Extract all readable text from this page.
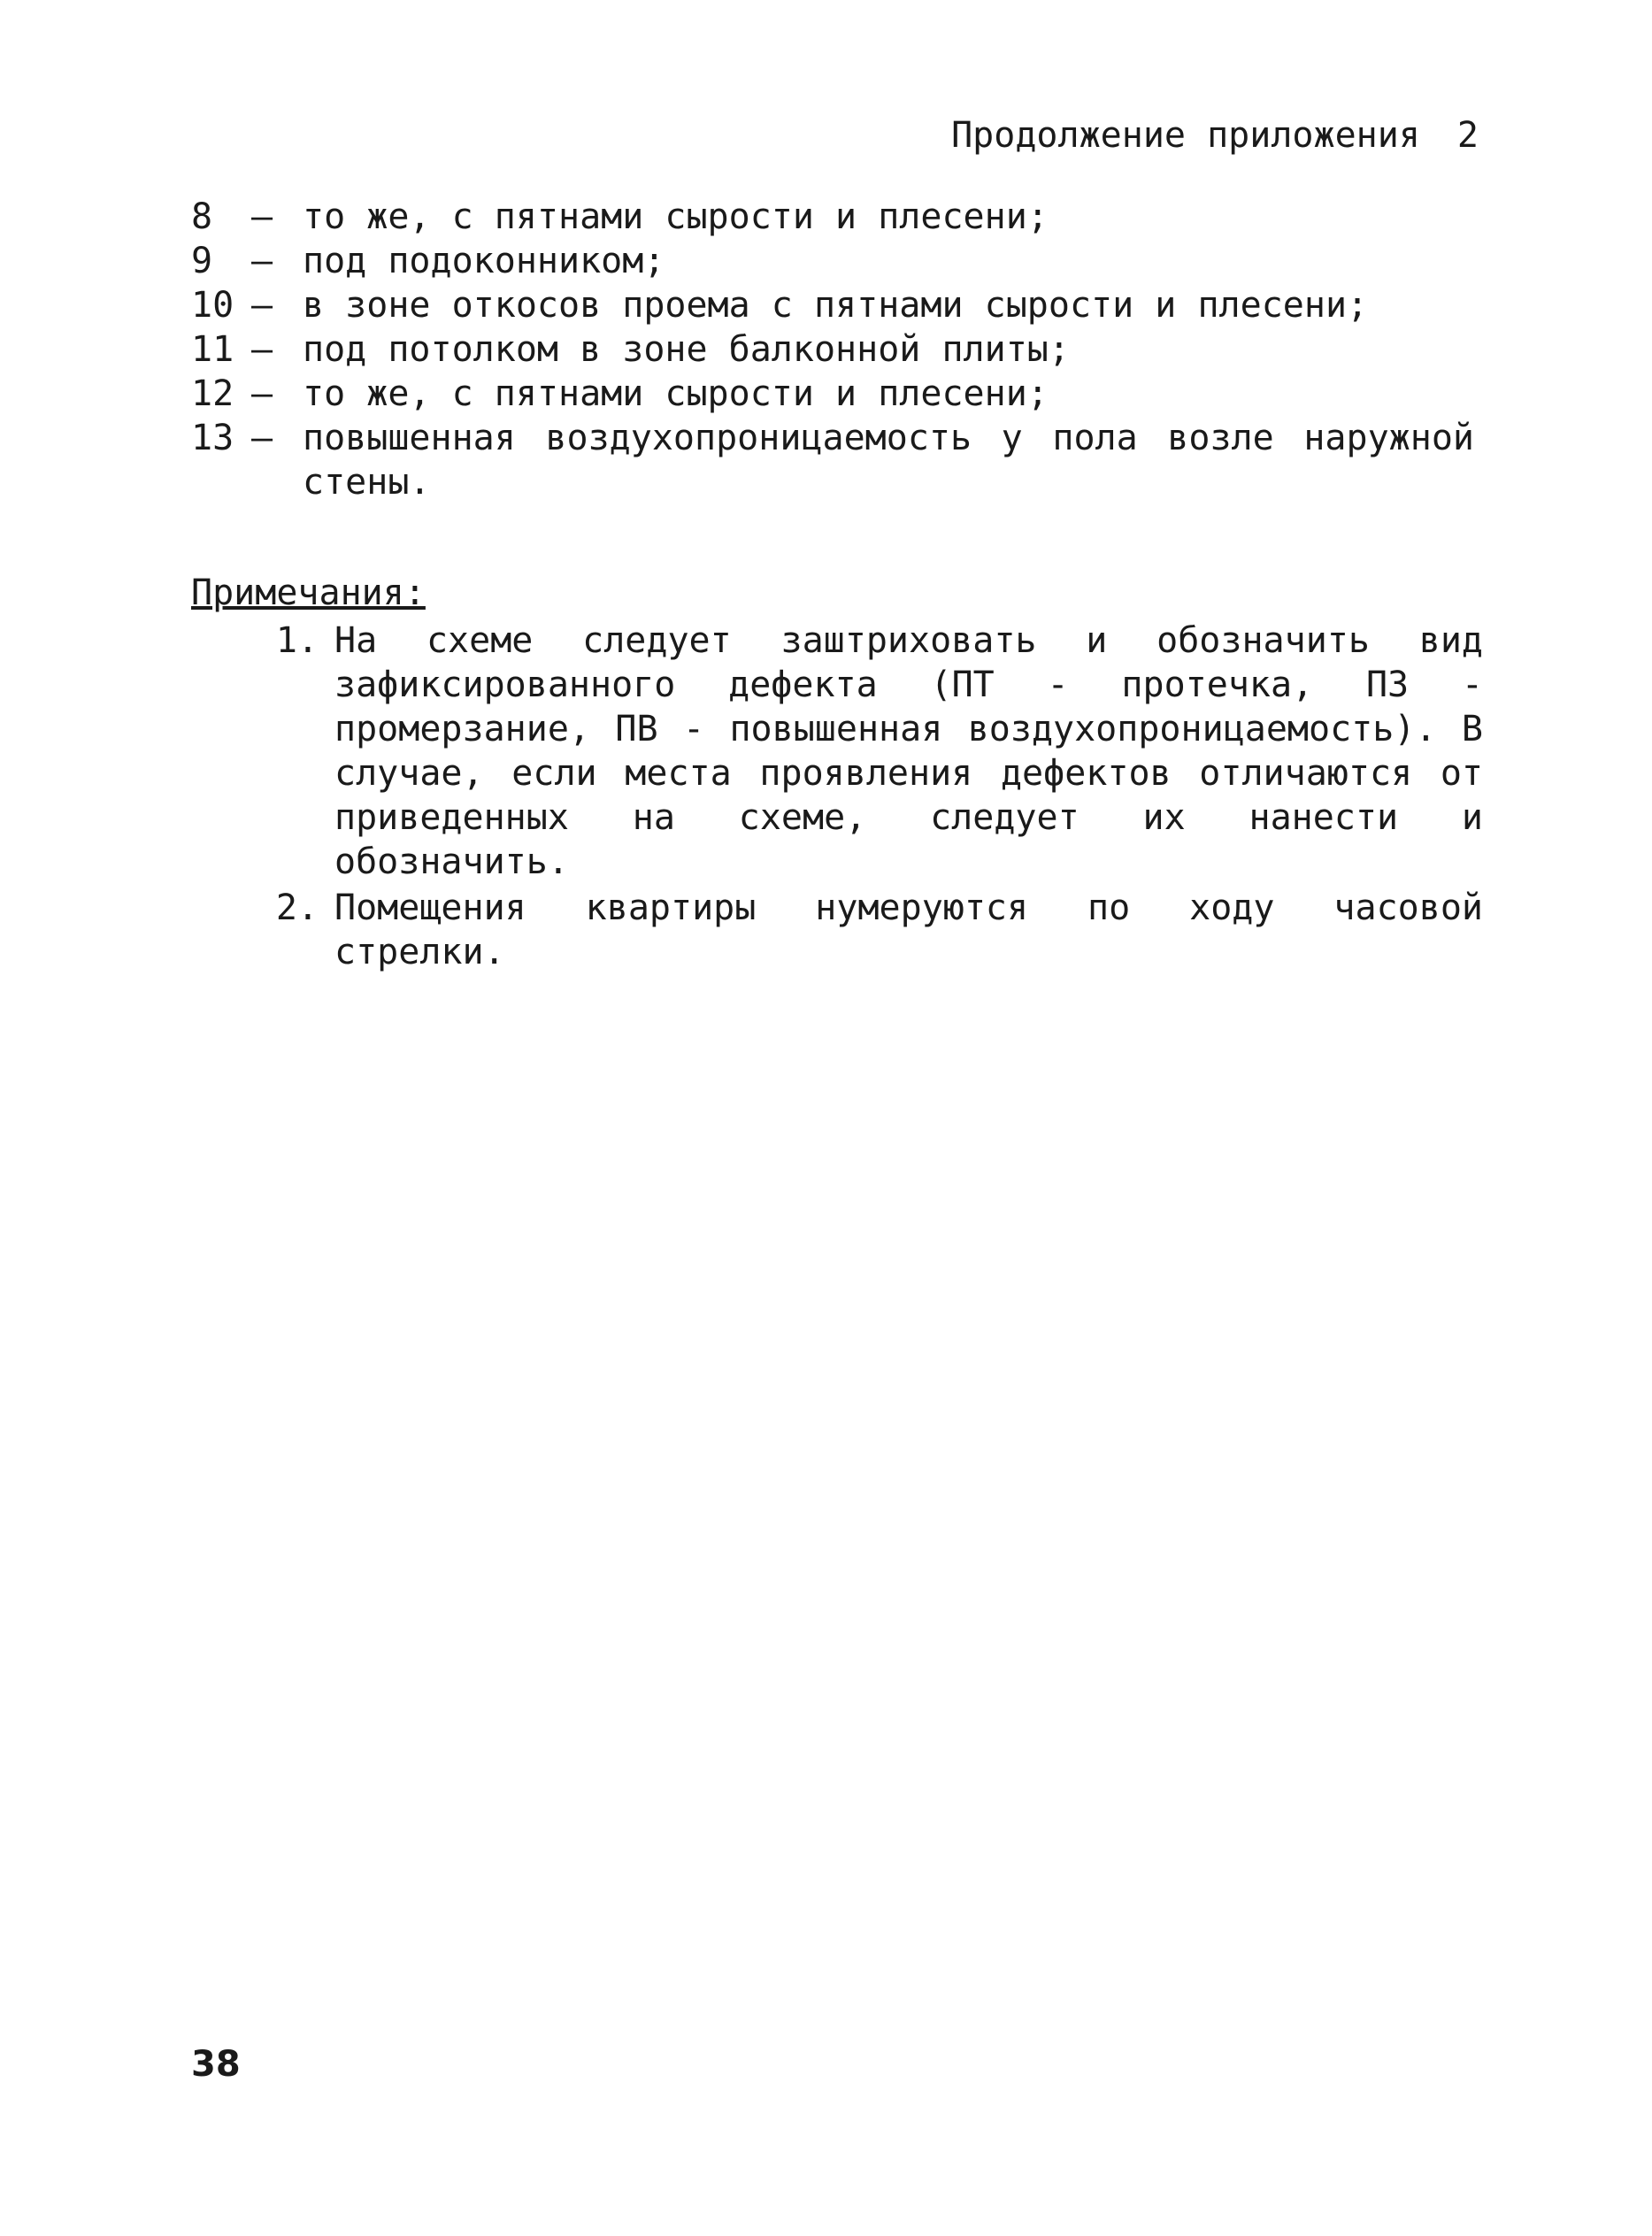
Продолжение приложения 2
8	– то же, с пятнами сырости и плесени;
9	– под подоконником;
10 – в зоне откосов проема с пятнами сырости и плесени;
11 – под потолком в зоне балконной плиты;
12 – то же, с пятнами сырости и плесени;
13 – повышенная воздухопроницаемость у пола возле наружной стены.
Примечания:
1. На схеме следует заштриховать и обозначить вид зафиксированного дефекта (ПТ - протечка, ПЗ - промерзание, ПВ - повышенная воздухопроницаемость). В случае, если места проявления дефектов отличаются от приведенных на схеме, следует их нанести и обозначить.
2. Помещения квартиры нумеруются по ходу часовой стрелки.
38
